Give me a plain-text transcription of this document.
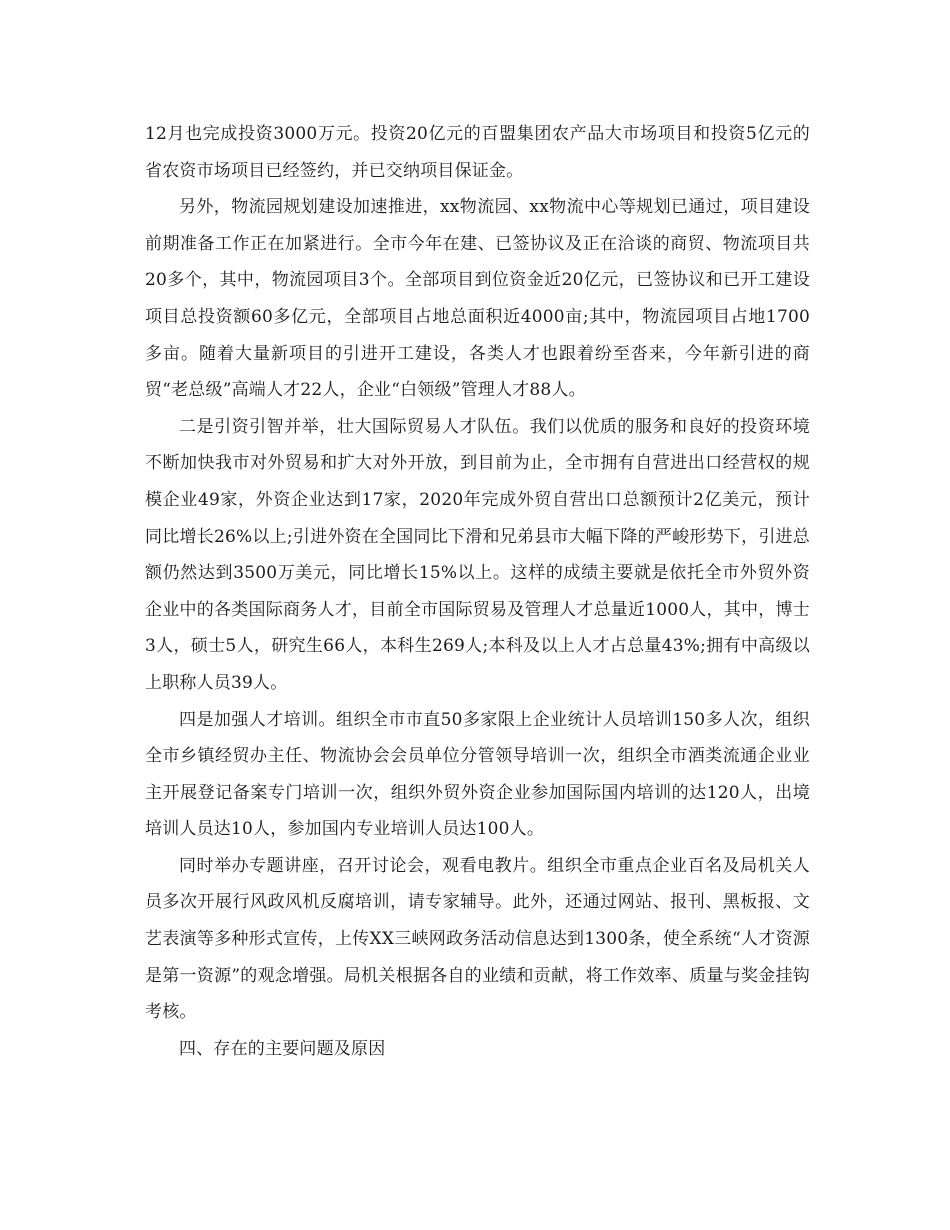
12月也完成投资3000万元。投资20亿元的百盟集团农产品大市场项目和投资5亿元的省农资市场项目已经签约，并已交纳项目保证金。

另外，物流园规划建设加速推进，xx物流园、xx物流中心等规划已通过，项目建设前期准备工作正在加紧进行。全市今年在建、已签协议及正在洽谈的商贸、物流项目共20多个，其中，物流园项目3个。全部项目到位资金近20亿元，已签协议和已开工建设项目总投资额60多亿元，全部项目占地总面积近4000亩;其中，物流园项目占地1700多亩。随着大量新项目的引进开工建设，各类人才也跟着纷至沓来，今年新引进的商贸“老总级”高端人才22人，企业“白领级”管理人才88人。

二是引资引智并举，壮大国际贸易人才队伍。我们以优质的服务和良好的投资环境不断加快我市对外贸易和扩大对外开放，到目前为止，全市拥有自营进出口经营权的规模企业49家，外资企业达到17家，2020年完成外贸自营出口总额预计2亿美元，预计同比增长26%以上;引进外资在全国同比下滑和兄弟县市大幅下降的严峻形势下，引进总额仍然达到3500万美元，同比增长15%以上。这样的成绩主要就是依托全市外贸外资企业中的各类国际商务人才，目前全市国际贸易及管理人才总量近1000人，其中，博士3人，硕士5人，研究生66人，本科生269人;本科及以上人才占总量43%;拥有中高级以上职称人员39人。

四是加强人才培训。组织全市市直50多家限上企业统计人员培训150多人次，组织全市乡镇经贸办主任、物流协会会员单位分管领导培训一次，组织全市酒类流通企业业主开展登记备案专门培训一次，组织外贸外资企业参加国际国内培训的达120人，出境培训人员达10人，参加国内专业培训人员达100人。

同时举办专题讲座，召开讨论会，观看电教片。组织全市重点企业百名及局机关人员多次开展行风政风机反腐培训，请专家辅导。此外，还通过网站、报刊、黑板报、文艺表演等多种形式宣传，上传XX三峡网政务活动信息达到1300条，使全系统“人才资源是第一资源”的观念增强。局机关根据各自的业绩和贡献，将工作效率、质量与奖金挂钩考核。

四、存在的主要问题及原因
